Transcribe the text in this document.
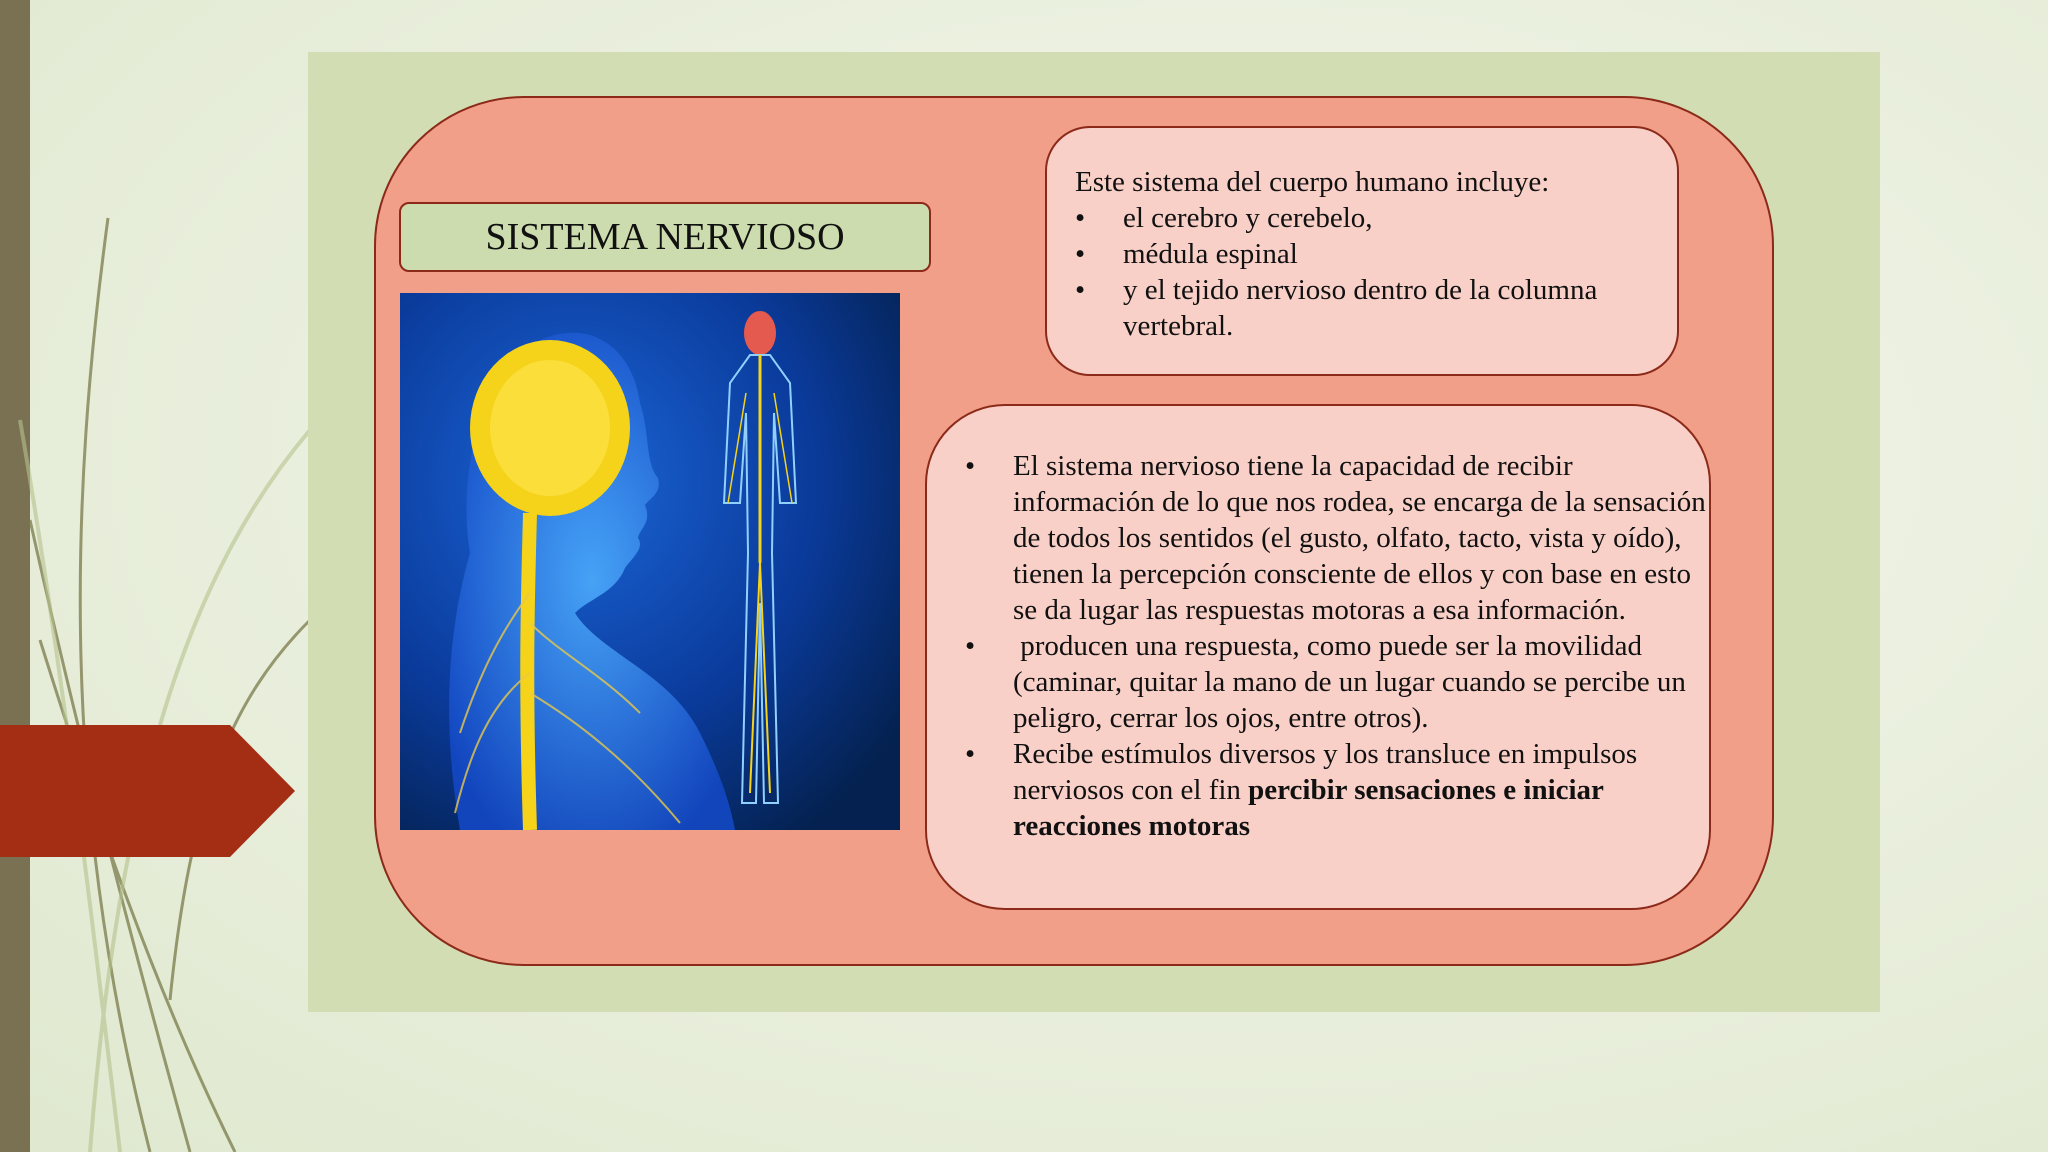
SISTEMA NERVIOSO
Este sistema del cuerpo humano incluye:
• el cerebro y cerebelo,
• médula espinal
• y el tejido nervioso dentro de la columna vertebral.
• El sistema nervioso tiene la capacidad de recibir información de lo que nos rodea, se encarga de la sensación de todos los sentidos (el gusto, olfato, tacto, vista y oído), tienen la percepción consciente de ellos y con base en esto se da lugar las respuestas motoras a esa información.
•  producen una respuesta, como puede ser la movilidad (caminar, quitar la mano de un lugar cuando se percibe un peligro, cerrar los ojos, entre otros).
• Recibe estímulos diversos y los transluce en impulsos nerviosos con el fin percibir sensaciones e iniciar reacciones motoras
